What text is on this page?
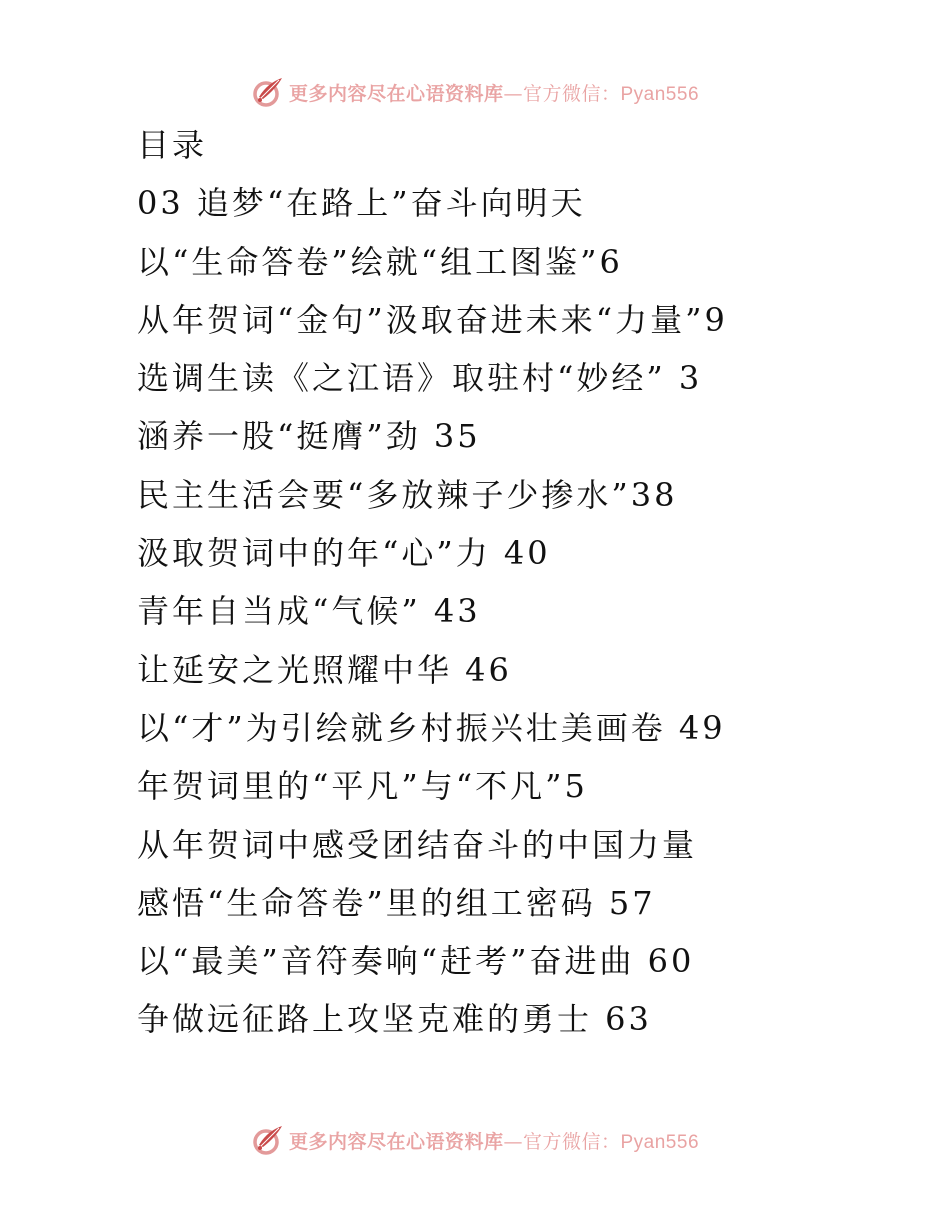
更多内容尽在心语资料库—官方微信：Pyan556
目录
03 追梦“在路上”奋斗向明天
以“生命答卷”绘就“组工图鉴”6
从年贺词“金句”汲取奋进未来“力量”9
选调生读《之江语》取驻村“妙经” 3
涵养一股“挺膺”劲 35
民主生活会要“多放辣子少掺水”38
汲取贺词中的年“心”力 40
青年自当成“气候” 43
让延安之光照耀中华 46
以“才”为引绘就乡村振兴壮美画卷 49
年贺词里的“平凡”与“不凡”5
从年贺词中感受团结奋斗的中国力量
感悟“生命答卷”里的组工密码 57
以“最美”音符奏响“赶考”奋进曲 60
争做远征路上攻坚克难的勇士 63
更多内容尽在心语资料库—官方微信：Pyan556
